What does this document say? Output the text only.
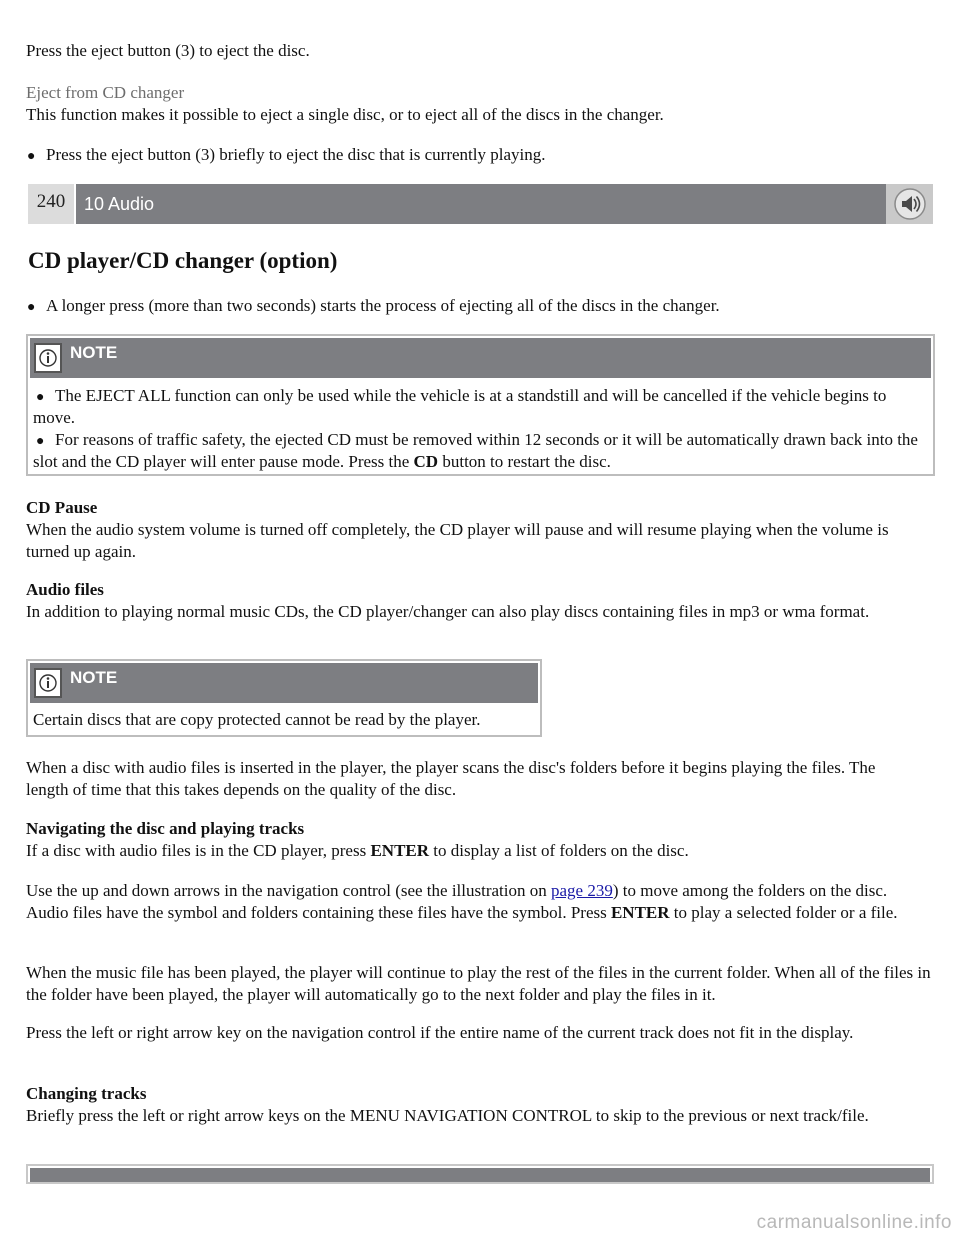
Press the eject button (3) to eject the disc.

Eject from CD changer

This function makes it possible to eject a single disc, or to eject all of the discs in the changer.

● Press the eject button (3) briefly to eject the disc that is currently playing.

240	10 Audio
CD player/CD changer (option)
● A longer press (more than two seconds) starts the process of ejecting all of the discs in the changer.

NOTE
● The EJECT ALL function can only be used while the vehicle is at a standstill and will be cancelled if the vehicle begins to move.

● For reasons of traffic safety, the ejected CD must be removed within 12 seconds or it will be automatically drawn back into the slot and the CD player will enter pause mode. Press the CD button to restart the disc.

CD Pause

When the audio system volume is turned off completely, the CD player will pause and will resume playing when the volume is turned up again.

Audio files

In addition to playing normal music CDs, the CD player/changer can also play discs containing files in mp3 or wma format.

NOTE

Certain discs that are copy protected cannot be read by the player.

When a disc with audio files is inserted in the player, the player scans the disc's folders before it begins playing the files. The length of time that this takes depends on the quality of the disc.

Navigating the disc and playing tracks

If a disc with audio files is in the CD player, press ENTER to display a list of folders on the disc.

Use the up and down arrows in the navigation control (see the illustration on page 239) to move among the folders on the disc. Audio files have the symbol and folders containing these files have the symbol. Press ENTER to play a selected folder or a file.

When the music file has been played, the player will continue to play the rest of the files in the current folder. When all of the files in the folder have been played, the player will automatically go to the next folder and play the files in it.

Press the left or right arrow key on the navigation control if the entire name of the current track does not fit in the display.

Changing tracks

Briefly press the left or right arrow keys on the MENU NAVIGATION CONTROL to skip to the previous or next track/file.

carmanualsonline.info
